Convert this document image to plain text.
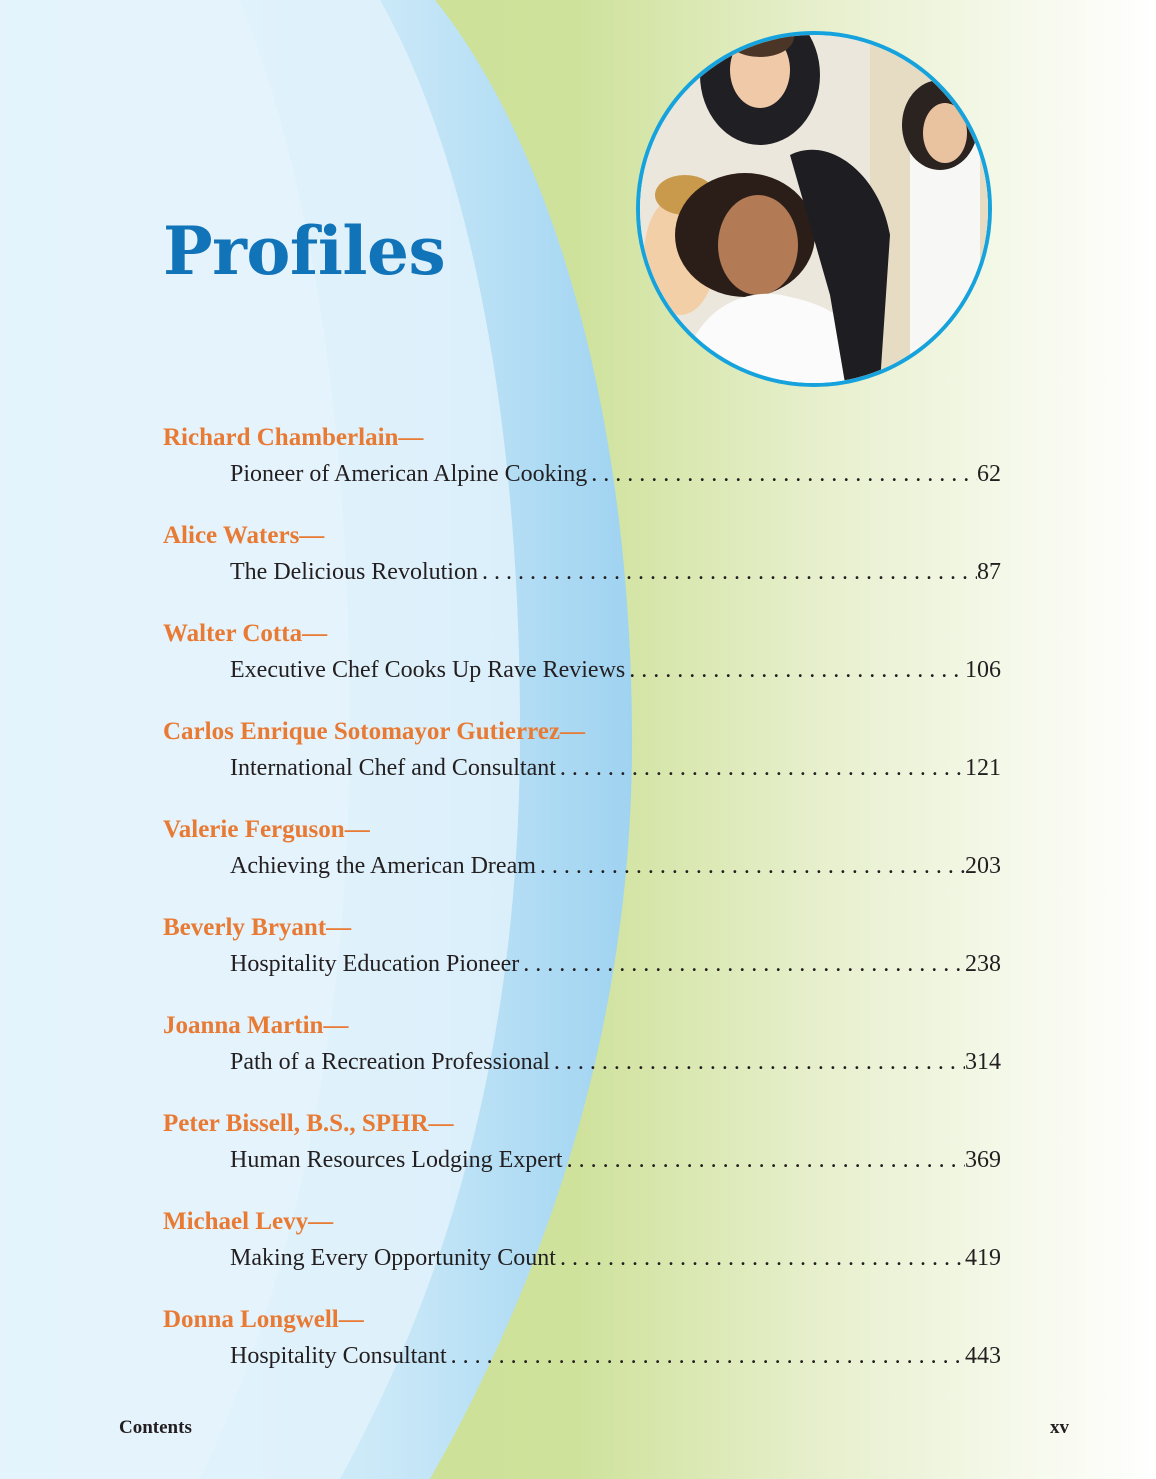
Profiles
Richard Chamberlain—
Pioneer of American Alpine Cooking . . .	62
Alice Waters—
The Delicious Revolution . . .	87
Walter Cotta—
Executive Chef Cooks Up Rave Reviews . . .	106
Carlos Enrique Sotomayor Gutierrez—
International Chef and Consultant . . .	121
Valerie Ferguson—
Achieving the American Dream . . .	203
Beverly Bryant—
Hospitality Education Pioneer . . .	238
Joanna Martin—
Path of a Recreation Professional . . .	314
Peter Bissell, B.S., SPHR—
Human Resources Lodging Expert . . .	369
Michael Levy—
Making Every Opportunity Count . . .	419
Donna Longwell—
Hospitality Consultant . . .	443
Contents	xv
